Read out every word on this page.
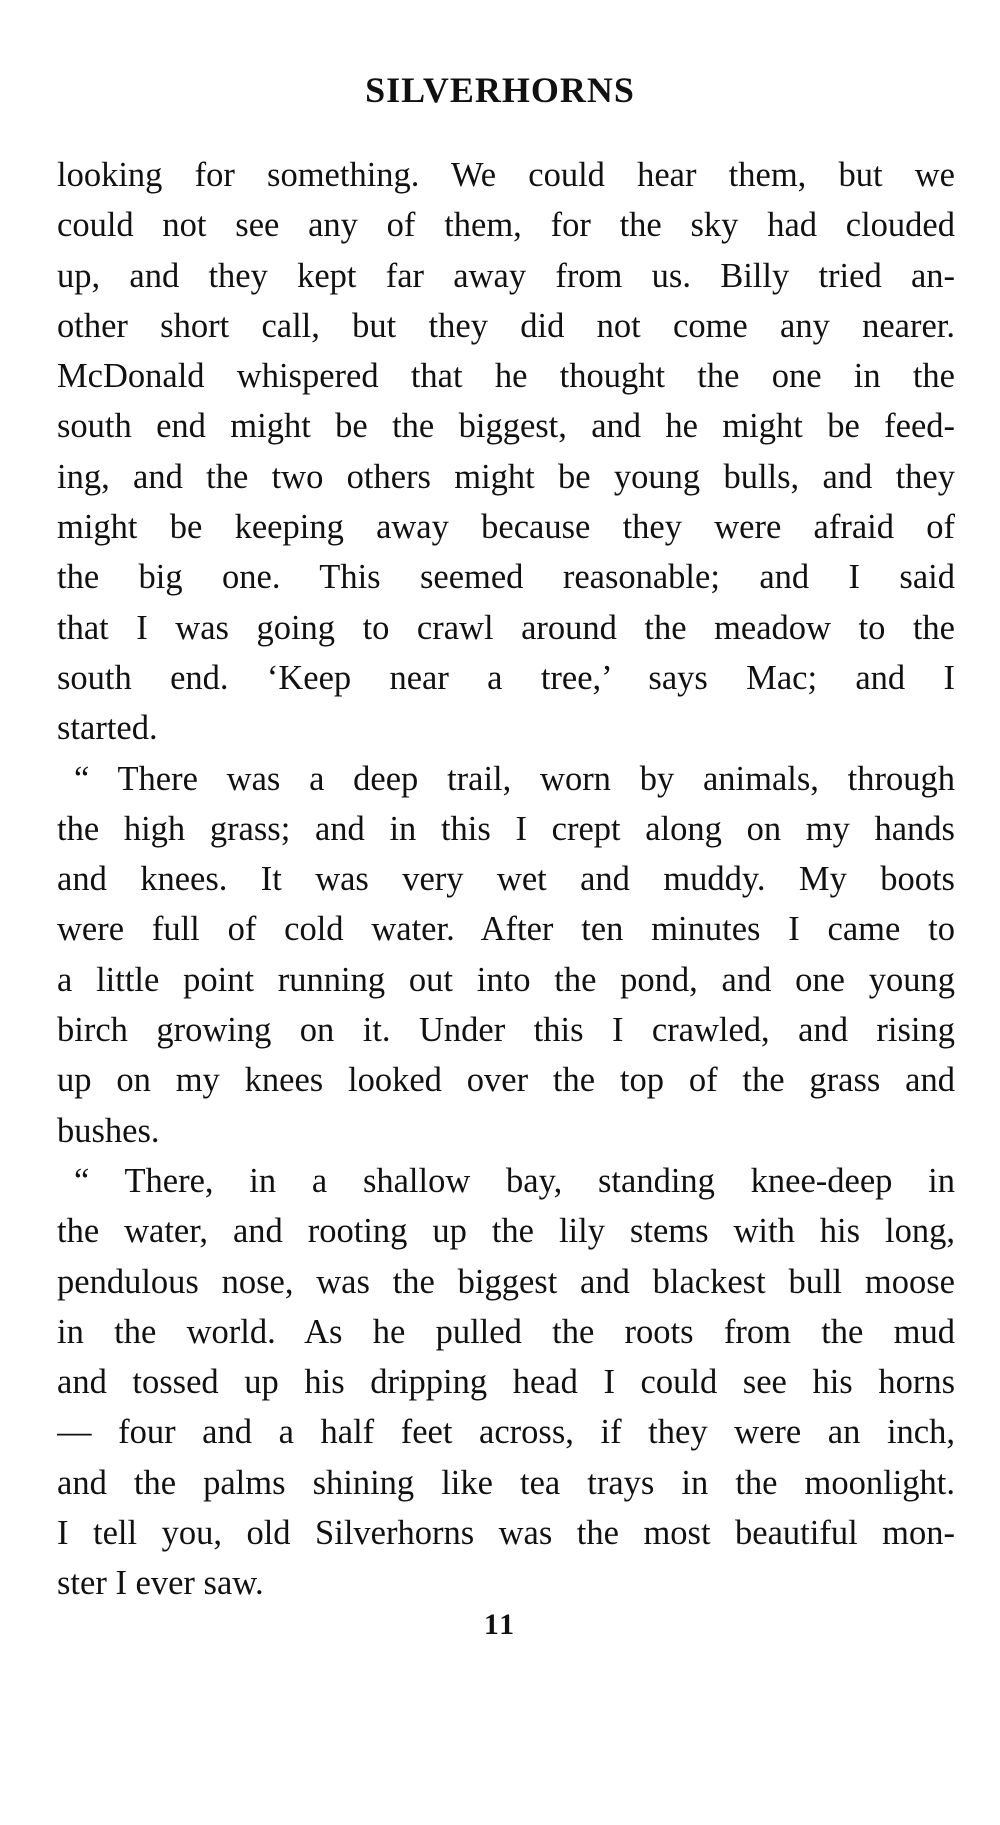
SILVERHORNS
looking for something. We could hear them, but we
could not see any of them, for the sky had clouded
up, and they kept far away from us. Billy tried an-
other short call, but they did not come any nearer.
McDonald whispered that he thought the one in the
south end might be the biggest, and he might be feed-
ing, and the two others might be young bulls, and they
might be keeping away because they were afraid of
the big one. This seemed reasonable; and I said
that I was going to crawl around the meadow to the
south end. ‘Keep near a tree,’ says Mac; and I
started.
“ There was a deep trail, worn by animals, through
the high grass; and in this I crept along on my hands
and knees. It was very wet and muddy. My boots
were full of cold water. After ten minutes I came to
a little point running out into the pond, and one young
birch growing on it. Under this I crawled, and rising
up on my knees looked over the top of the grass and
bushes.
“ There, in a shallow bay, standing knee-deep in
the water, and rooting up the lily stems with his long,
pendulous nose, was the biggest and blackest bull moose
in the world. As he pulled the roots from the mud
and tossed up his dripping head I could see his horns
— four and a half feet across, if they were an inch,
and the palms shining like tea trays in the moonlight.
I tell you, old Silverhorns was the most beautiful mon-
ster I ever saw.
11
